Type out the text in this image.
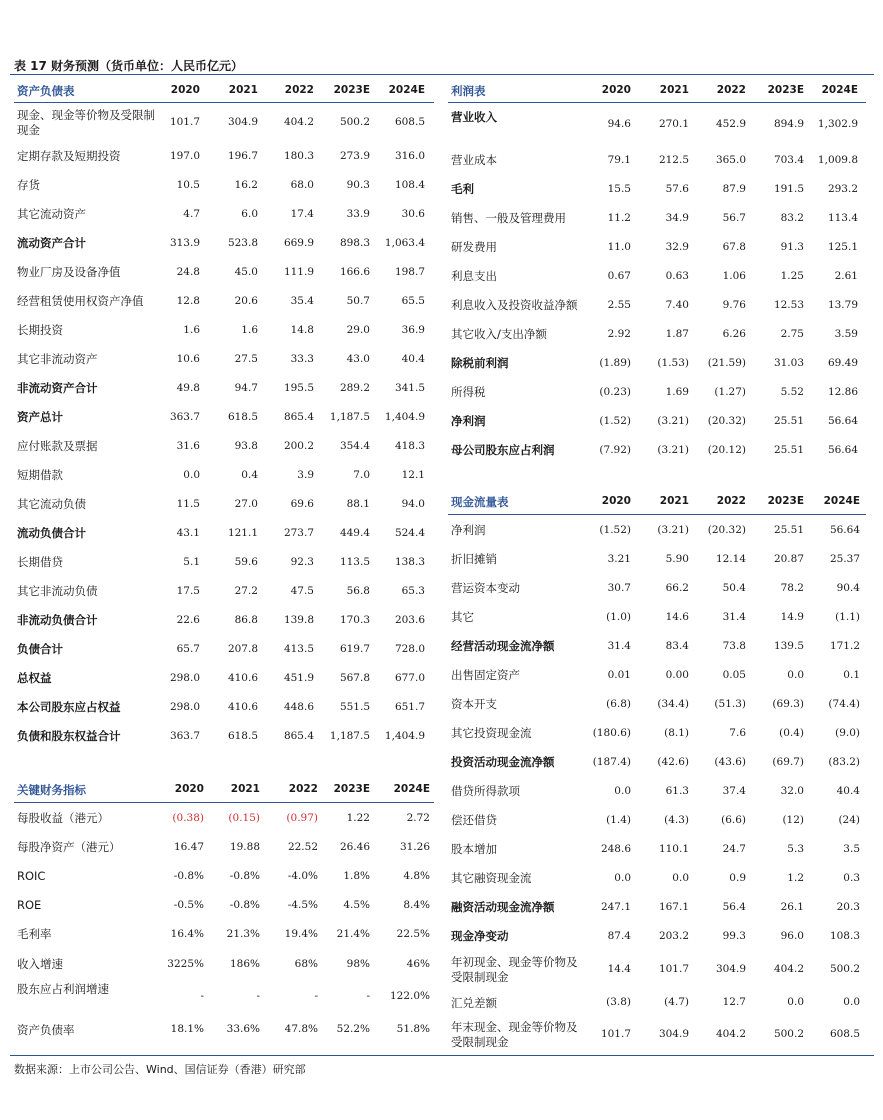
表 17 财务预测（货币单位：人民币亿元）
资产负债表	2020	2021	2022	2023E	2024E
现金、现金等价物及受限制现金
101.7	304.9	404.2	500.2	608.5
定期存款及短期投资	197.0	196.7	180.3	273.9	316.0
存货	10.5	16.2	68.0	90.3	108.4
其它流动资产	4.7	6.0	17.4	33.9	30.6
流动资产合计	313.9	523.8	669.9	898.3	1,063.4
物业厂房及设备净值	24.8	45.0	111.9	166.6	198.7
经营租赁使用权资产净值	12.8	20.6	35.4	50.7	65.5
长期投资	1.6	1.6	14.8	29.0	36.9
其它非流动资产	10.6	27.5	33.3	43.0	40.4
非流动资产合计	49.8	94.7	195.5	289.2	341.5
资产总计	363.7	618.5	865.4	1,187.5	1,404.9
应付账款及票据	31.6	93.8	200.2	354.4	418.3
短期借款	0.0	0.4	3.9	7.0	12.1
其它流动负债	11.5	27.0	69.6	88.1	94.0
流动负债合计	43.1	121.1	273.7	449.4	524.4
长期借贷	5.1	59.6	92.3	113.5	138.3
其它非流动负债	17.5	27.2	47.5	56.8	65.3
非流动负债合计	22.6	86.8	139.8	170.3	203.6
负债合计	65.7	207.8	413.5	619.7	728.0
总权益	298.0	410.6	451.9	567.8	677.0
本公司股东应占权益	298.0	410.6	448.6	551.5	651.7
负债和股东权益合计	363.7	618.5	865.4	1,187.5	1,404.9
关键财务指标	2020	2021	2022	2023E	2024E
每股收益（港元）	(0.38)	(0.15)	(0.97)	1.22	2.72
每股净资产（港元）	16.47	19.88	22.52	26.46	31.26
ROIC	-0.8%	-0.8%	-4.0%	1.8%	4.8%
ROE	-0.5%	-0.8%	-4.5%	4.5%	8.4%
毛利率	16.4%	21.3%	19.4%	21.4%	22.5%
收入增速	3225%	186%	68%	98%	46%
股东应占利润增速	-	-	-	-	122.0%
资产负债率	18.1%	33.6%	47.8%	52.2%	51.8%
利润表	2020	2021	2022	2023E	2024E
营业收入	94.6	270.1	452.9	894.9	1,302.9
营业成本	79.1	212.5	365.0	703.4	1,009.8
毛利	15.5	57.6	87.9	191.5	293.2
销售、一般及管理费用	11.2	34.9	56.7	83.2	113.4
研发费用	11.0	32.9	67.8	91.3	125.1
利息支出	0.67	0.63	1.06	1.25	2.61
利息收入及投资收益净额	2.55	7.40	9.76	12.53	13.79
其它收入/支出净额	2.92	1.87	6.26	2.75	3.59
除税前利润	(1.89)	(1.53)	(21.59)	31.03	69.49
所得税	(0.23)	1.69	(1.27)	5.52	12.86
净利润	(1.52)	(3.21)	(20.32)	25.51	56.64
母公司股东应占利润	(7.92)	(3.21)	(20.12)	25.51	56.64
现金流量表	2020	2021	2022	2023E	2024E
净利润	(1.52)	(3.21)	(20.32)	25.51	56.64
折旧摊销	3.21	5.90	12.14	20.87	25.37
营运资本变动	30.7	66.2	50.4	78.2	90.4
其它	(1.0)	14.6	31.4	14.9	(1.1)
经营活动现金流净额	31.4	83.4	73.8	139.5	171.2
出售固定资产	0.01	0.00	0.05	0.0	0.1
资本开支	(6.8)	(34.4)	(51.3)	(69.3)	(74.4)
其它投资现金流	(180.6)	(8.1)	7.6	(0.4)	(9.0)
投资活动现金流净额	(187.4)	(42.6)	(43.6)	(69.7)	(83.2)
借贷所得款项	0.0	61.3	37.4	32.0	40.4
偿还借贷	(1.4)	(4.3)	(6.6)	(12)	(24)
股本增加	248.6	110.1	24.7	5.3	3.5
其它融资现金流	0.0	0.0	0.9	1.2	0.3
融资活动现金流净额	247.1	167.1	56.4	26.1	20.3
现金净变动	87.4	203.2	99.3	96.0	108.3
年初现金、现金等价物及受限制现金
14.4	101.7	304.9	404.2	500.2
汇兑差额	(3.8)	(4.7)	12.7	0.0	0.0
年末现金、现金等价物及受限制现金
101.7	304.9	404.2	500.2	608.5
数据来源：上市公司公告、Wind、国信证券（香港）研究部
